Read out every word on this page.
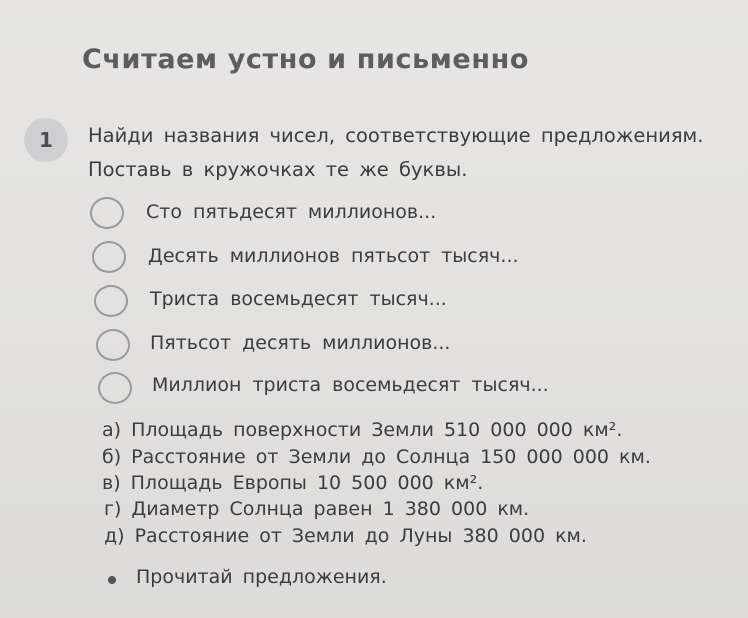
Считаем устно и письменно
1	Найди названия чисел, соответствующие предложениям.
Поставь в кружочках те же буквы.
Сто пятьдесят миллионов...
Десять миллионов пятьсот тысяч...
Триста восемьдесят тысяч...
Пятьсот десять миллионов...
Миллион триста восемьдесят тысяч...
а) Площадь поверхности Земли 510 000 000 км².
б) Расстояние от Земли до Солнца 150 000 000 км.
в) Площадь Европы 10 500 000 км².
г) Диаметр Солнца равен 1 380 000 км.
д) Расстояние от Земли до Луны 380 000 км.
Прочитай предложения.
